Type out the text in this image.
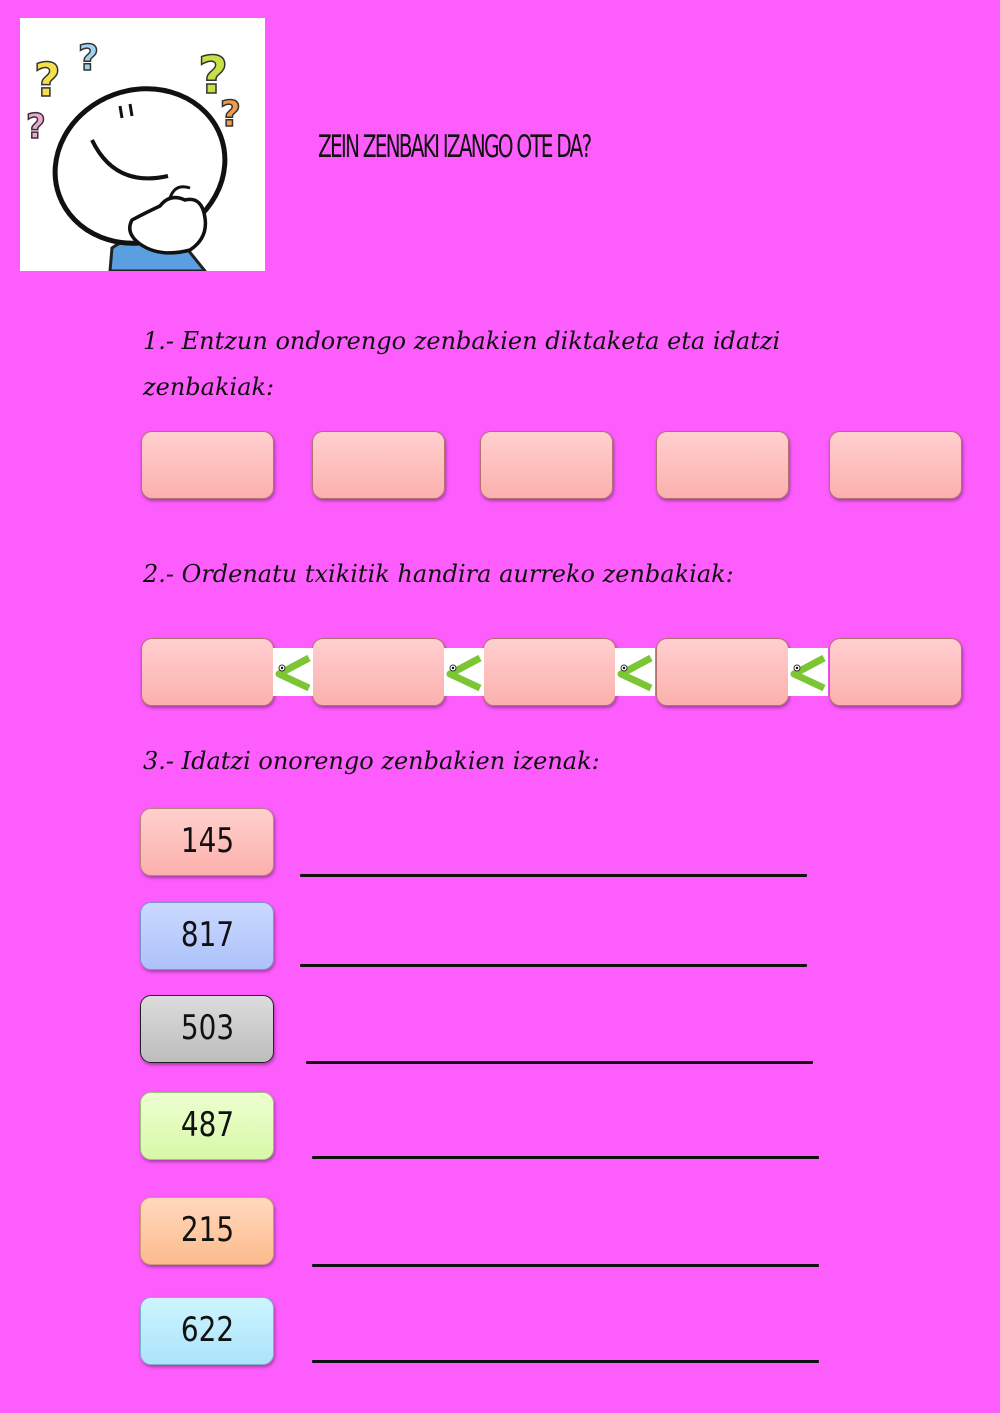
? ?
?
?
?
ZEIN ZENBAKI IZANGO OTE DA?
1.- Entzun ondorengo zenbakien diktaketa eta idatzi
zenbakiak:
2.- Ordenatu txikitik handira aurreko zenbakiak:
3.- Idatzi onorengo zenbakien izenak:
145
817
503
487
215
622
